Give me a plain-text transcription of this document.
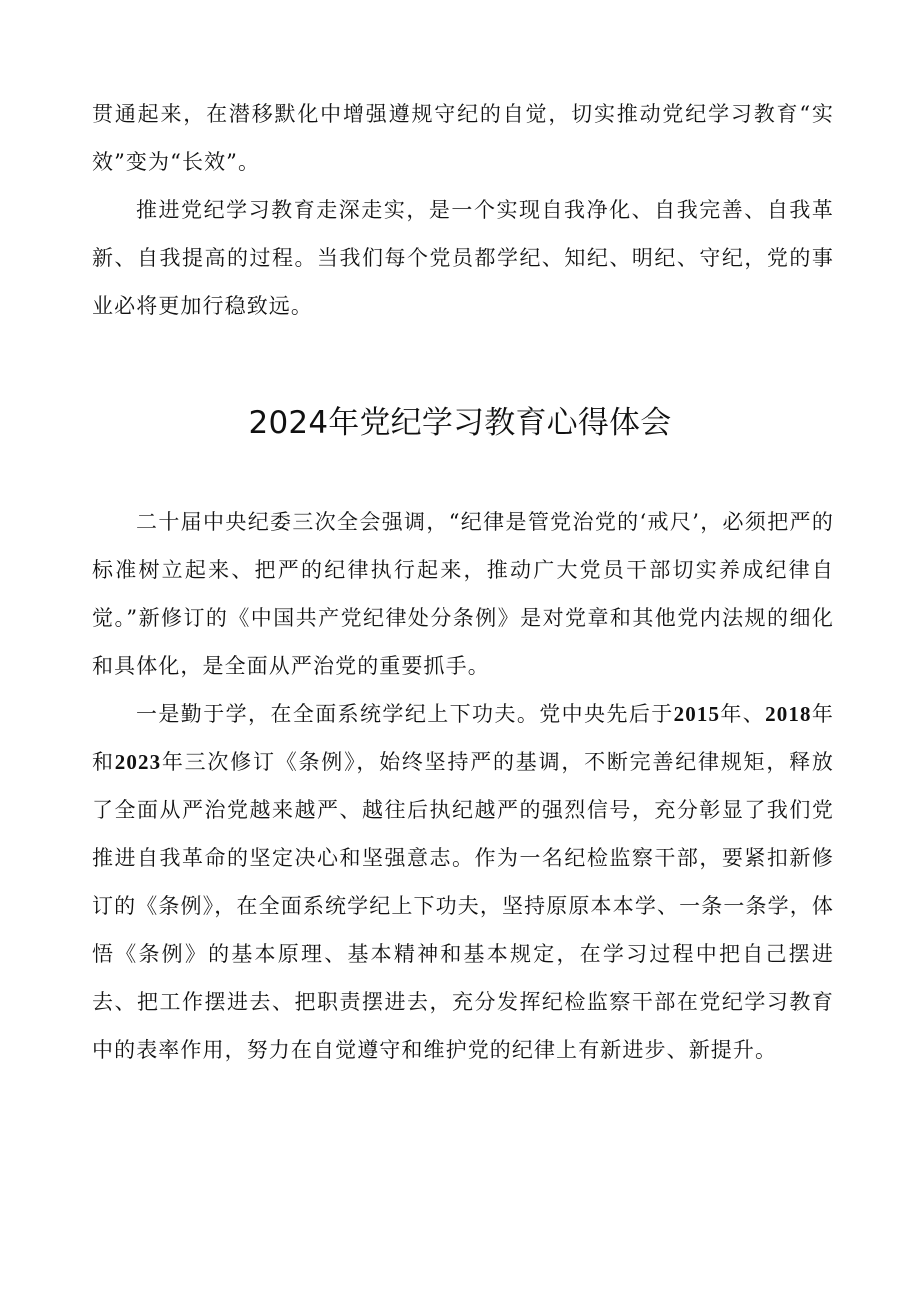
贯通起来，在潜移默化中增强遵规守纪的自觉，切实推动党纪学习教育“实效”变为“长效”。

推进党纪学习教育走深走实，是一个实现自我净化、自我完善、自我革新、自我提高的过程。当我们每个党员都学纪、知纪、明纪、守纪，党的事业必将更加行稳致远。

2024年党纪学习教育心得体会

二十届中央纪委三次全会强调，“纪律是管党治党的‘戒尺’，必须把严的标准树立起来、把严的纪律执行起来，推动广大党员干部切实养成纪律自觉。”新修订的《中国共产党纪律处分条例》是对党章和其他党内法规的细化和具体化，是全面从严治党的重要抓手。

一是勤于学，在全面系统学纪上下功夫。党中央先后于2015年、2018年和2023年三次修订《条例》，始终坚持严的基调，不断完善纪律规矩，释放了全面从严治党越来越严、越往后执纪越严的强烈信号，充分彰显了我们党推进自我革命的坚定决心和坚强意志。作为一名纪检监察干部，要紧扣新修订的《条例》，在全面系统学纪上下功夫，坚持原原本本学、一条一条学，体悟《条例》的基本原理、基本精神和基本规定，在学习过程中把自己摆进去、把工作摆进去、把职责摆进去，充分发挥纪检监察干部在党纪学习教育中的表率作用，努力在自觉遵守和维护党的纪律上有新进步、新提升。
